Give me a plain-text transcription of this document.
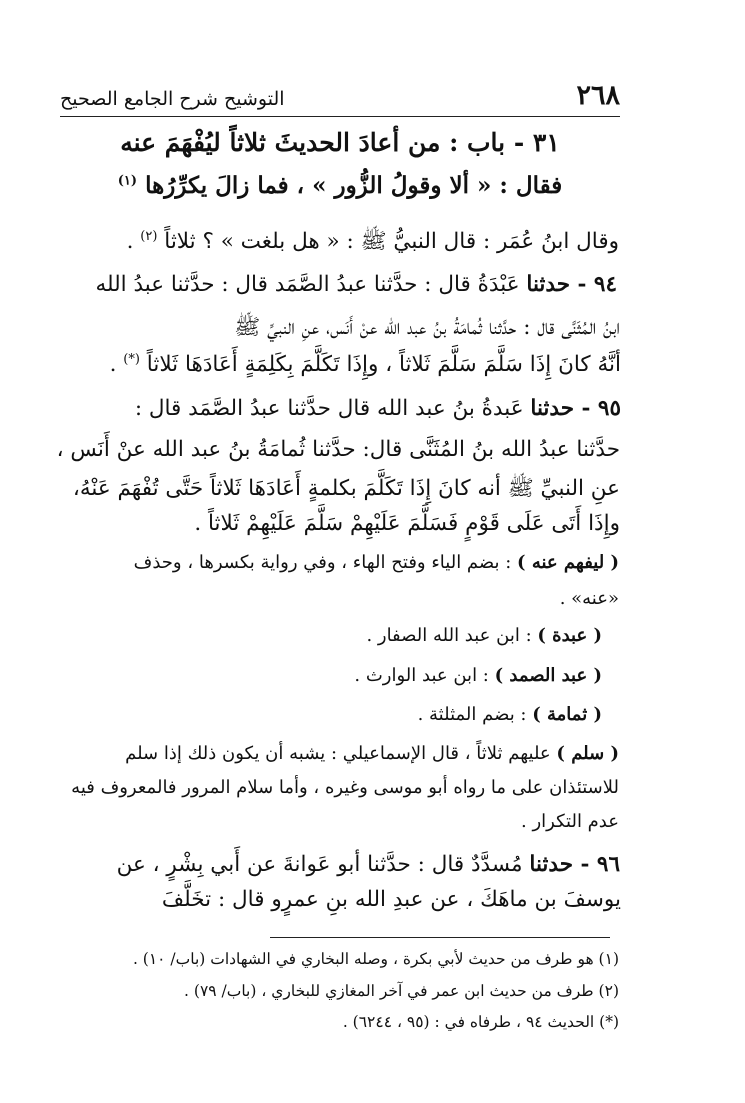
٢٦٨
التوشيح شرح الجامع الصحيح
٣١ - باب : من أعادَ الحديثَ ثلاثاً ليُفْهَمَ عنه
فقال : « ألا وقولُ الزُّور » ، فما زالَ يكرِّرُها $^{(١)}$
وقال ابنُ عُمَر : قال النبيُّ ﷺ : « هل بلغت » ؟ ثلاثاً $^{(٢)}$ .
٩٤ - حدثنا عَبْدَةُ قال : حدَّثنا عبدُ الصَّمَد قال : حدَّثنا عبدُ الله
ابنُ المُثَنَّى قال : حدَّثنا ثُمامَةُ بنُ عبد الله عنْ أَنَس، عنِ النبيِّ ﷺ
أنَّهُ كانَ إِذَا سَلَّمَ سَلَّمَ ثَلاثاً ، وإِذَا تَكَلَّمَ بِكَلِمَةٍ أَعَادَهَا ثَلاثاً (*) .
٩٥ - حدثنا عَبدةُ بنُ عبد الله قال حدَّثنا عبدُ الصَّمَد قال :
حدَّثنا عبدُ الله بنُ المُثَنَّى قال: حدَّثنا ثُمامَةُ بنُ عبد الله عنْ أَنَس ،
عنِ النبيِّ ﷺ أنه كانَ إِذَا تَكَلَّمَ بكلمةٍ أَعَادَهَا ثَلاثاً حَتَّى تُفْهَمَ عَنْهُ،
وإِذَا أَتَى عَلَى قَوْمٍ فَسَلَّمَ عَلَيْهِمْ سَلَّمَ عَلَيْهِمْ ثَلاثاً .
( ليفهم عنه ) : بضم الياء وفتح الهاء ، وفي رواية بكسرها ، وحذف
«عنه» .
( عبدة ) : ابن عبد الله الصفار .
( عبد الصمد ) : ابن عبد الوارث .
( ثمامة ) : بضم المثلثة .
( سلم ) عليهم ثلاثاً ، قال الإسماعيلي : يشبه أن يكون ذلك إذا سلم
للاستئذان على ما رواه أبو موسى وغيره ، وأما سلام المرور فالمعروف فيه
عدم التكرار .
٩٦ - حدثنا مُسدَّدٌ قال : حدَّثنا أبو عَوانةَ عن أَبي بِشْرٍ ، عن
يوسفَ بن ماهَكَ ، عن عبدِ الله بنِ عمرٍو قال : تخَلَّفَ
(١) هو طرف من حديث لأبي بكرة ، وصله البخاري في الشهادات (باب/ ١٠) .
(٢) طرف من حديث ابن عمر في آخر المغازي للبخاري ، (باب/ ٧٩) .
(*) الحديث ٩٤ ، طرفاه في : (٩٥ ، ٦٢٤٤) .
